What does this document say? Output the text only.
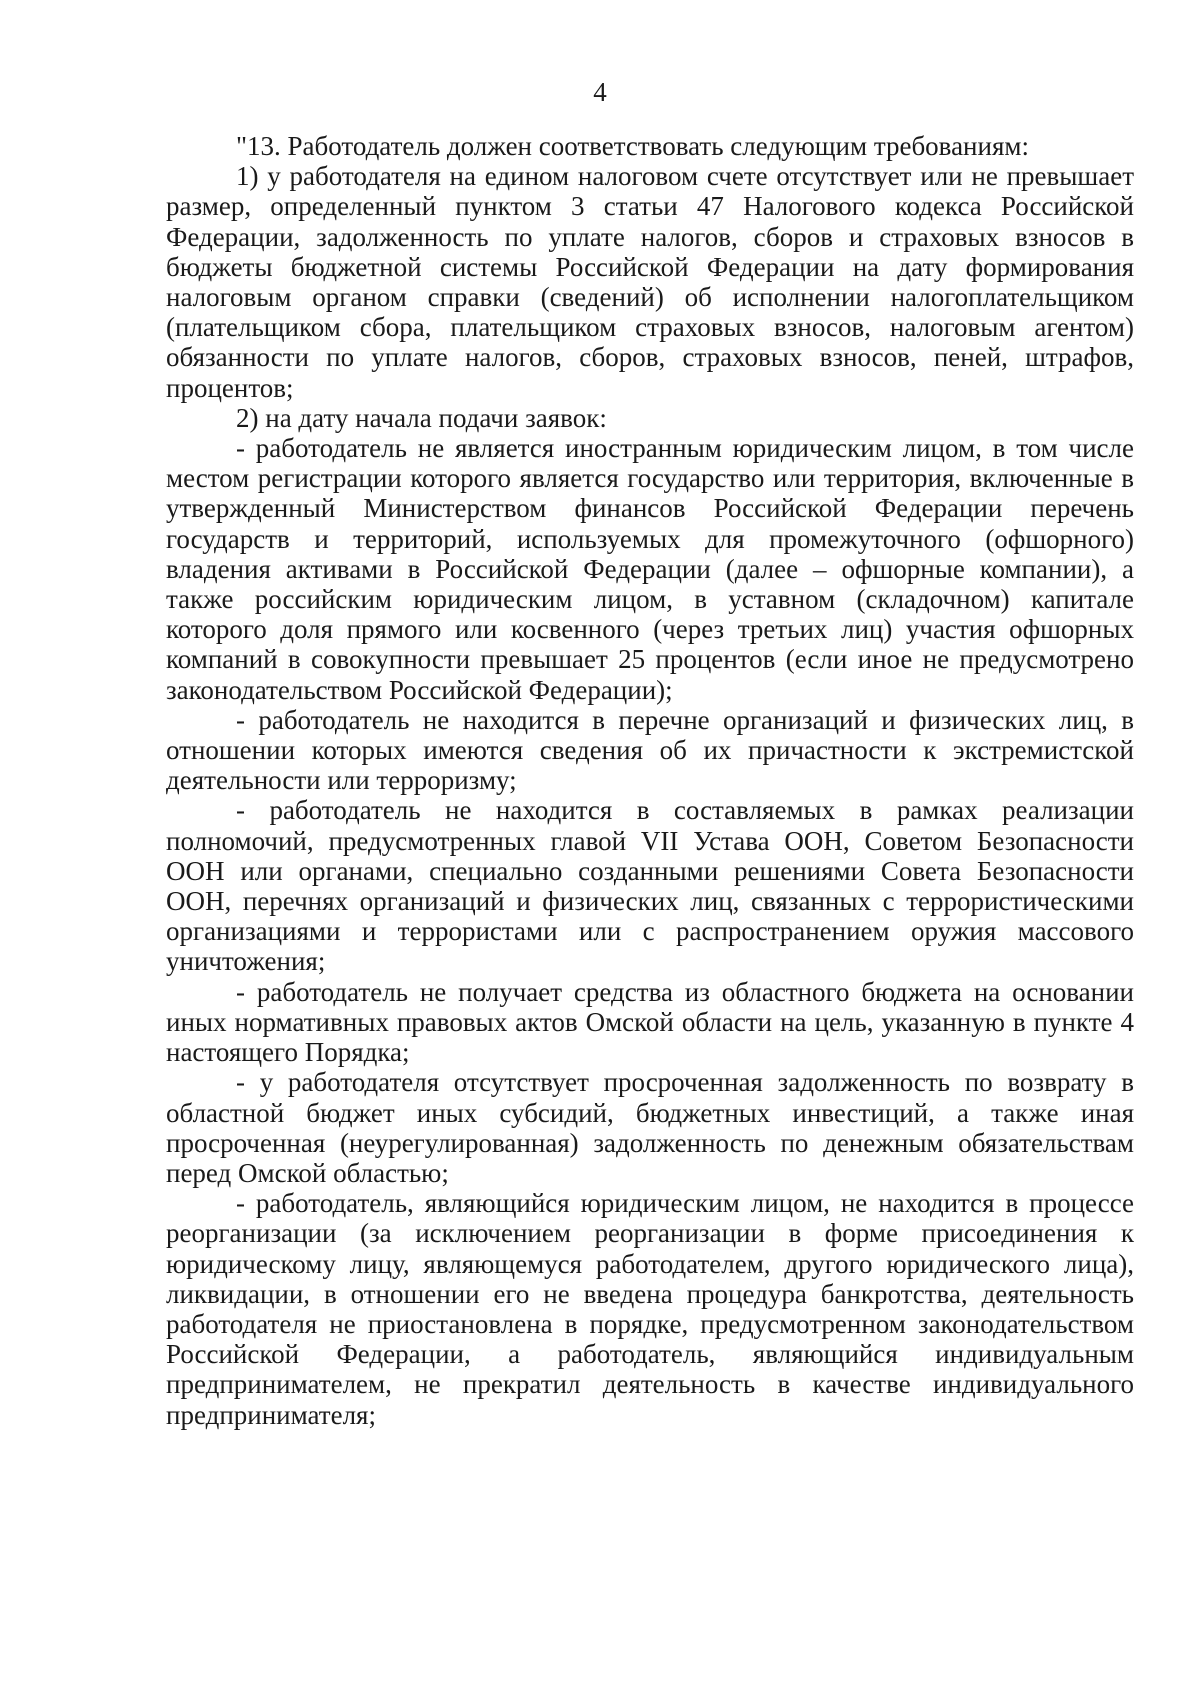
4

"13. Работодатель должен соответствовать следующим требованиям:

1) у работодателя на едином налоговом счете отсутствует или не превышает размер, определенный пунктом 3 статьи 47 Налогового кодекса Российской Федерации, задолженность по уплате налогов, сборов и страховых взносов в бюджеты бюджетной системы Российской Федерации на дату формирования налоговым органом справки (сведений) об исполнении налогоплательщиком (плательщиком сбора, плательщиком страховых взносов, налоговым агентом) обязанности по уплате налогов, сборов, страховых взносов, пеней, штрафов, процентов;

2) на дату начала подачи заявок:

- работодатель не является иностранным юридическим лицом, в том числе местом регистрации которого является государство или территория, включенные в утвержденный Министерством финансов Российской Федерации перечень государств и территорий, используемых для промежуточного (офшорного) владения активами в Российской Федерации (далее – офшорные компании), а также российским юридическим лицом, в уставном (складочном) капитале которого доля прямого или косвенного (через третьих лиц) участия офшорных компаний в совокупности превышает 25 процентов (если иное не предусмотрено законодательством Российской Федерации);

- работодатель не находится в перечне организаций и физических лиц, в отношении которых имеются сведения об их причастности к экстремистской деятельности или терроризму;

- работодатель не находится в составляемых в рамках реализации полномочий, предусмотренных главой VII Устава ООН, Советом Безопасности ООН или органами, специально созданными решениями Совета Безопасности ООН, перечнях организаций и физических лиц, связанных с террористическими организациями и террористами или с распространением оружия массового уничтожения;

- работодатель не получает средства из областного бюджета на основании иных нормативных правовых актов Омской области на цель, указанную в пункте 4 настоящего Порядка;

- у работодателя отсутствует просроченная задолженность по возврату в областной бюджет иных субсидий, бюджетных инвестиций, а также иная просроченная (неурегулированная) задолженность по денежным обязательствам перед Омской областью;

- работодатель, являющийся юридическим лицом, не находится в процессе реорганизации (за исключением реорганизации в форме присоединения к юридическому лицу, являющемуся работодателем, другого юридического лица), ликвидации, в отношении его не введена процедура банкротства, деятельность работодателя не приостановлена в порядке, предусмотренном законодательством Российской Федерации, а работодатель, являющийся индивидуальным предпринимателем, не прекратил деятельность в качестве индивидуального предпринимателя;
